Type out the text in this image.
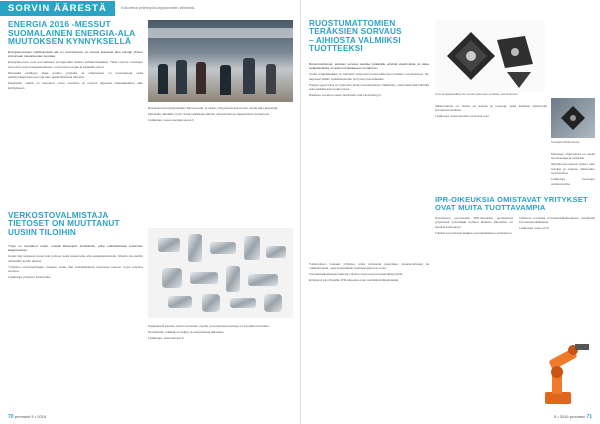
SORVIN ÄÄRESTÄ	Kokoelma yhteistyökumppaneiden lähteistä.
ENERGIA 2016 -MESSUT
SUOMALAINEN ENERGIA-ALA
MUUTOKSEN KYNNYKSELLÄ

Energiamessujen näkökulmasta ala on murroksessa, ja messut kokoavat alan toimijat yhteen arvioimaan tulevaisuuden suuntaa.

Energiamessut ovat suomalaisen energia-alan tärkein kohtaamispaikka. Tänä vuonna messujen teemoina ovat energiatehokkuus, uusiutuva energia ja älykkäät verkot.

Messuilla esittäytyy laaja joukko yrityksiä, ja ohjelmassa on seminaareja sekä asiantuntijapuheenvuoroja alan ajankohtaisista aiheista.

Kävijöiden määrä on kasvanut vuosi vuodelta, ja messut tarjoavat näköalapaikan alan kehitykseen.

Energiamessut järjestetään Tampereella, ja niiden yhteydessä kokoontuu useita alan järjestöjä.

Messuilla nähdään myös uusia ratkaisuja sähkön varastointiin ja hajautettuun tuotantoon.

Lisätietoja: www.energiamessut.fi

VERKOSTOVALMISTAJA
TIETOSET ON MUUTTANUT
UUSIIN TILOIHIN

Yritys on muuttanut uusiin, entistä tilavampiin toimitiloihin, jotka mahdollistavat tuotannon laajentamisen.

Uudet tilat tarjoavat paremmat puitteet sekä tuotannolle että asiakaspalvelulle. Muutto toteutettiin vaiheittain kesän aikana.

Yrityksen toimitusjohtajan mukaan uudet tilat mahdollistavat toiminnan kasvun myös tulevina vuosina.

Lisätietoja yrityksen kotisivuilta.

Kapasiteetti kasvaa uusien koneiden myötä, ja tuotantoprosesseja on samalla tehostettu.

Henkilöstön määrää on lisätty, ja rekrytointeja jatketaan.

Lisätietoja: www.tietoset.fi

70 promaint 5 • 2016
RUOSTUMATTOMIEN
TERÄKSIEN SORVAUS
– AIHIOSTA VALMIIKSI
TUOTTEEKSI

Ruostumattomien terästen sorvaus asettaa työkaluille erityisiä vaatimuksia, ja oikea teräpalavalinta on avain tehokkaaseen tuotantoon.

Uudet teräpalalaadut on kehitetty erityisesti ruostumattomien terästen sorvaukseen. Ne tarjoavat pitkän työkalukestoiän ja hyvän pinnanlaadun.

Palojen geometria on optimoitu lastunmuodostuksen hallintaan, mikä vähentää häiriöitä automaattisessa tuotannossa.

Ratkaisu soveltuu sekä rouhintaan että viimeistelyyn.	Uusi teräpalavalikoima ruostumattomien terästen sorvaukseen.
Teräpala lähikuvassa.

Valikoimassa on useita eri kokoja ja muotoja, jotka kattavat yleisimmät sorvaussovellukset.

Lisätietoja: www.sandvik.coromant.com

Messujen ohjelmassa on useita seminaareja ja esityksiä.

Tapahtuma kokoaa yhteen alan toimijat ja tarjoaa tilaisuuden verkostoitua.

Lisätietoja messujen verkkosivuilta.

IPR-OIKEUKSIA OMISTAVAT YRITYKSET
OVAT MUITA TUOTTAVAMPIA

Tutkimuksen mukaan yritykset, jotka omistavat patentteja, tavaramerkkejä tai mallioikeuksia, ovat keskimäärin tuottavampia kuin muut.

Immateriaalioikeudet tukevat yritysten kasvua ja kansainvälistymistä.

Erityisesti pk-yrityksille IPR-oikeudet ovat merkittävä kilpailutekijä.

Selvityksen perusteella IPR-oikeuksia omistavissa yrityksissä työntekijää kohden laskettu liikevaihto on selvästi korkeampi.

Tulokset perustuvat laajaan eurooppalaiseen aineistoon.

Tutkimus korostaa immateriaalioikeuksien merkitystä innovaatiopolitiikassa.

Lisätietoja: www.prh.fi

5 • 2016 promaint 71
